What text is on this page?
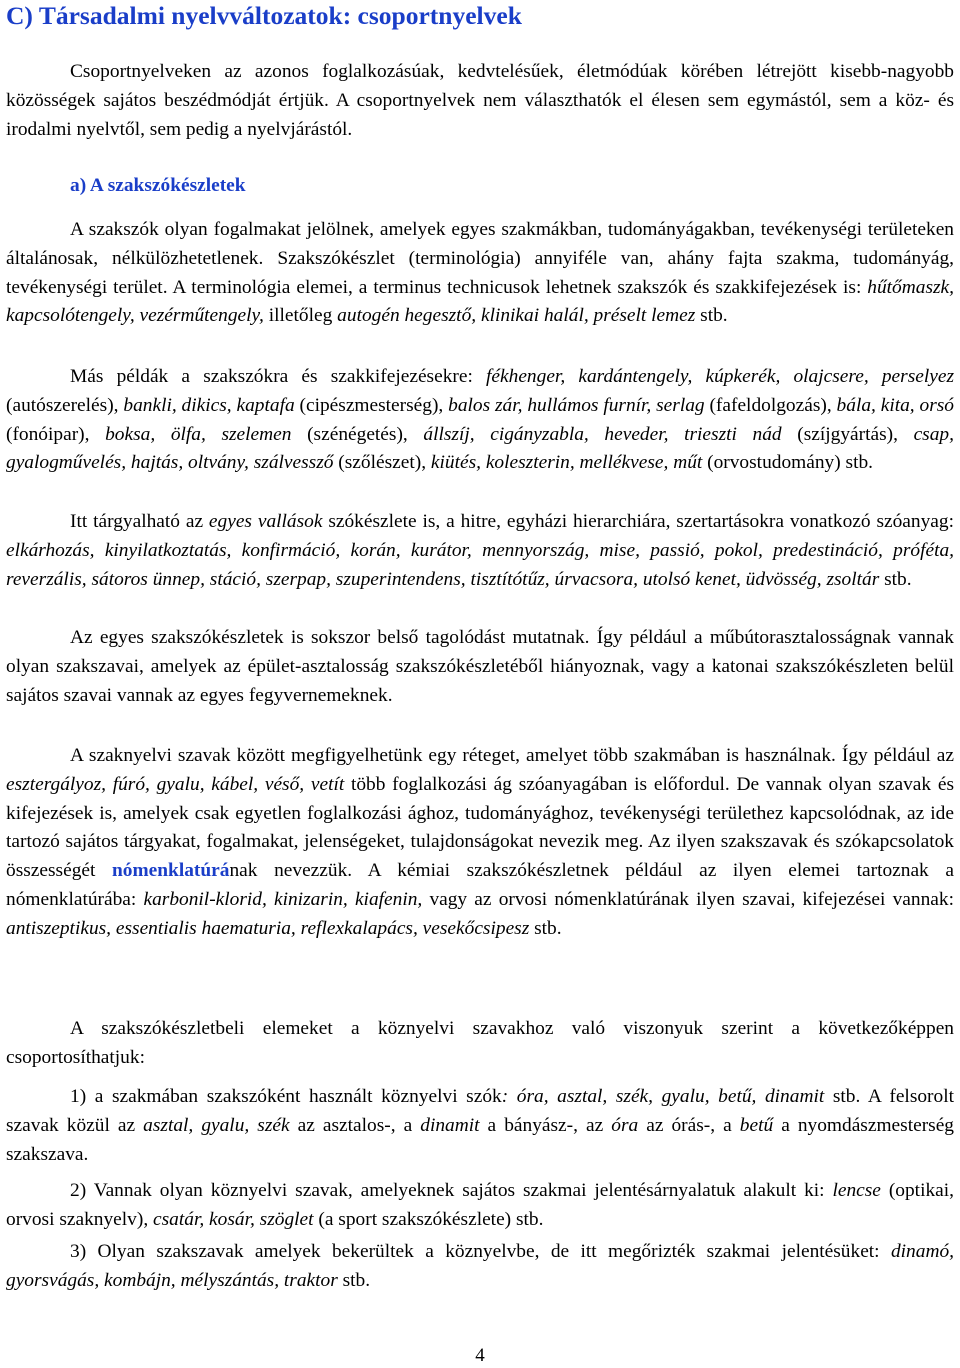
C) Társadalmi nyelvváltozatok: csoportnyelvek

Csoportnyelveken az azonos foglalkozásúak, kedvtelésűek, életmódúak körében létrejött kisebb-nagyobb közösségek sajátos beszédmódját értjük. A csoportnyelvek nem választhatók el élesen sem egymástól, sem a köz- és irodalmi nyelvtől, sem pedig a nyelvjárástól.

a) A szakszókészletek

A szakszók olyan fogalmakat jelölnek, amelyek egyes szakmákban, tudományágakban, tevékenységi területeken általánosak, nélkülözhetetlenek. Szakszókészlet (terminológia) annyiféle van, ahány fajta szakma, tudományág, tevékenységi terület. A terminológia elemei, a terminus technicusok lehetnek szakszók és szakkifejezések is: hűtőmaszk, kapcsolótengely, vezérműtengely, illetőleg autogén hegesztő, klinikai halál, préselt lemez stb.

Más példák a szakszókra és szakkifejezésekre: fékhenger, kardántengely, kúpkerék, olajcsere, perselyez (autószerelés), bankli, dikics, kaptafa (cipészmesterség), balos zár, hullámos furnír, serlag (fafeldolgozás), bála, kita, orsó (fonóipar), boksa, ölfa, szelemen (szénégetés), állszíj, cigányzabla, heveder, trieszti nád (szíjgyártás), csap, gyalogművelés, hajtás, oltvány, szálvessző (szőlészet), kiütés, koleszterin, mellékvese, műt (orvostudomány) stb.

Itt tárgyalható az egyes vallások szókészlete is, a hitre, egyházi hierarchiára, szertartásokra vonatkozó szóanyag: elkárhozás, kinyilatkoztatás, konfirmáció, korán, kurátor, mennyország, mise, passió, pokol, predestináció, próféta, reverzális, sátoros ünnep, stáció, szerpap, szuperintendens, tisztítótűz, úrvacsora, utolsó kenet, üdvösség, zsoltár stb.

Az egyes szakszókészletek is sokszor belső tagolódást mutatnak. Így például a műbútorasztalosságnak vannak olyan szakszavai, amelyek az épület-asztalosság szakszókészletéből hiányoznak, vagy a katonai szakszókészleten belül sajátos szavai vannak az egyes fegyvernemeknek.

A szaknyelvi szavak között megfigyelhetünk egy réteget, amelyet több szakmában is használnak. Így például az esztergályoz, fúró, gyalu, kábel, véső, vetít több foglalkozási ág szóanyagában is előfordul. De vannak olyan szavak és kifejezések is, amelyek csak egyetlen foglalkozási ághoz, tudományághoz, tevékenységi területhez kapcsolódnak, az ide tartozó sajátos tárgyakat, fogalmakat, jelenségeket, tulajdonságokat nevezik meg. Az ilyen szakszavak és szókapcsolatok összességét nómenklatúrának nevezzük. A kémiai szakszókészletnek például az ilyen elemei tartoznak a nómenklatúrába: karbonil-klorid, kinizarin, kiafenin, vagy az orvosi nómenklatúrának ilyen szavai, kifejezései vannak: antiszeptikus, essentialis haematuria, reflexkalapács, vesekőcsipesz stb.

A szakszókészletbeli elemeket a köznyelvi szavakhoz való viszonyuk szerint a következőképpen csoportosíthatjuk:

1) a szakmában szakszóként használt köznyelvi szók: óra, asztal, szék, gyalu, betű, dinamit stb. A felsorolt szavak közül az asztal, gyalu, szék az asztalos-, a dinamit a bányász-, az óra az órás-, a betű a nyomdászmesterség szakszava.

2) Vannak olyan köznyelvi szavak, amelyeknek sajátos szakmai jelentésárnyalatuk alakult ki: lencse (optikai, orvosi szaknyelv), csatár, kosár, szöglet (a sport szakszókészlete) stb.

3) Olyan szakszavak amelyek bekerültek a köznyelvbe, de itt megőrizték szakmai jelentésüket: dinamó, gyorsvágás, kombájn, mélyszántás, traktor stb.

4
